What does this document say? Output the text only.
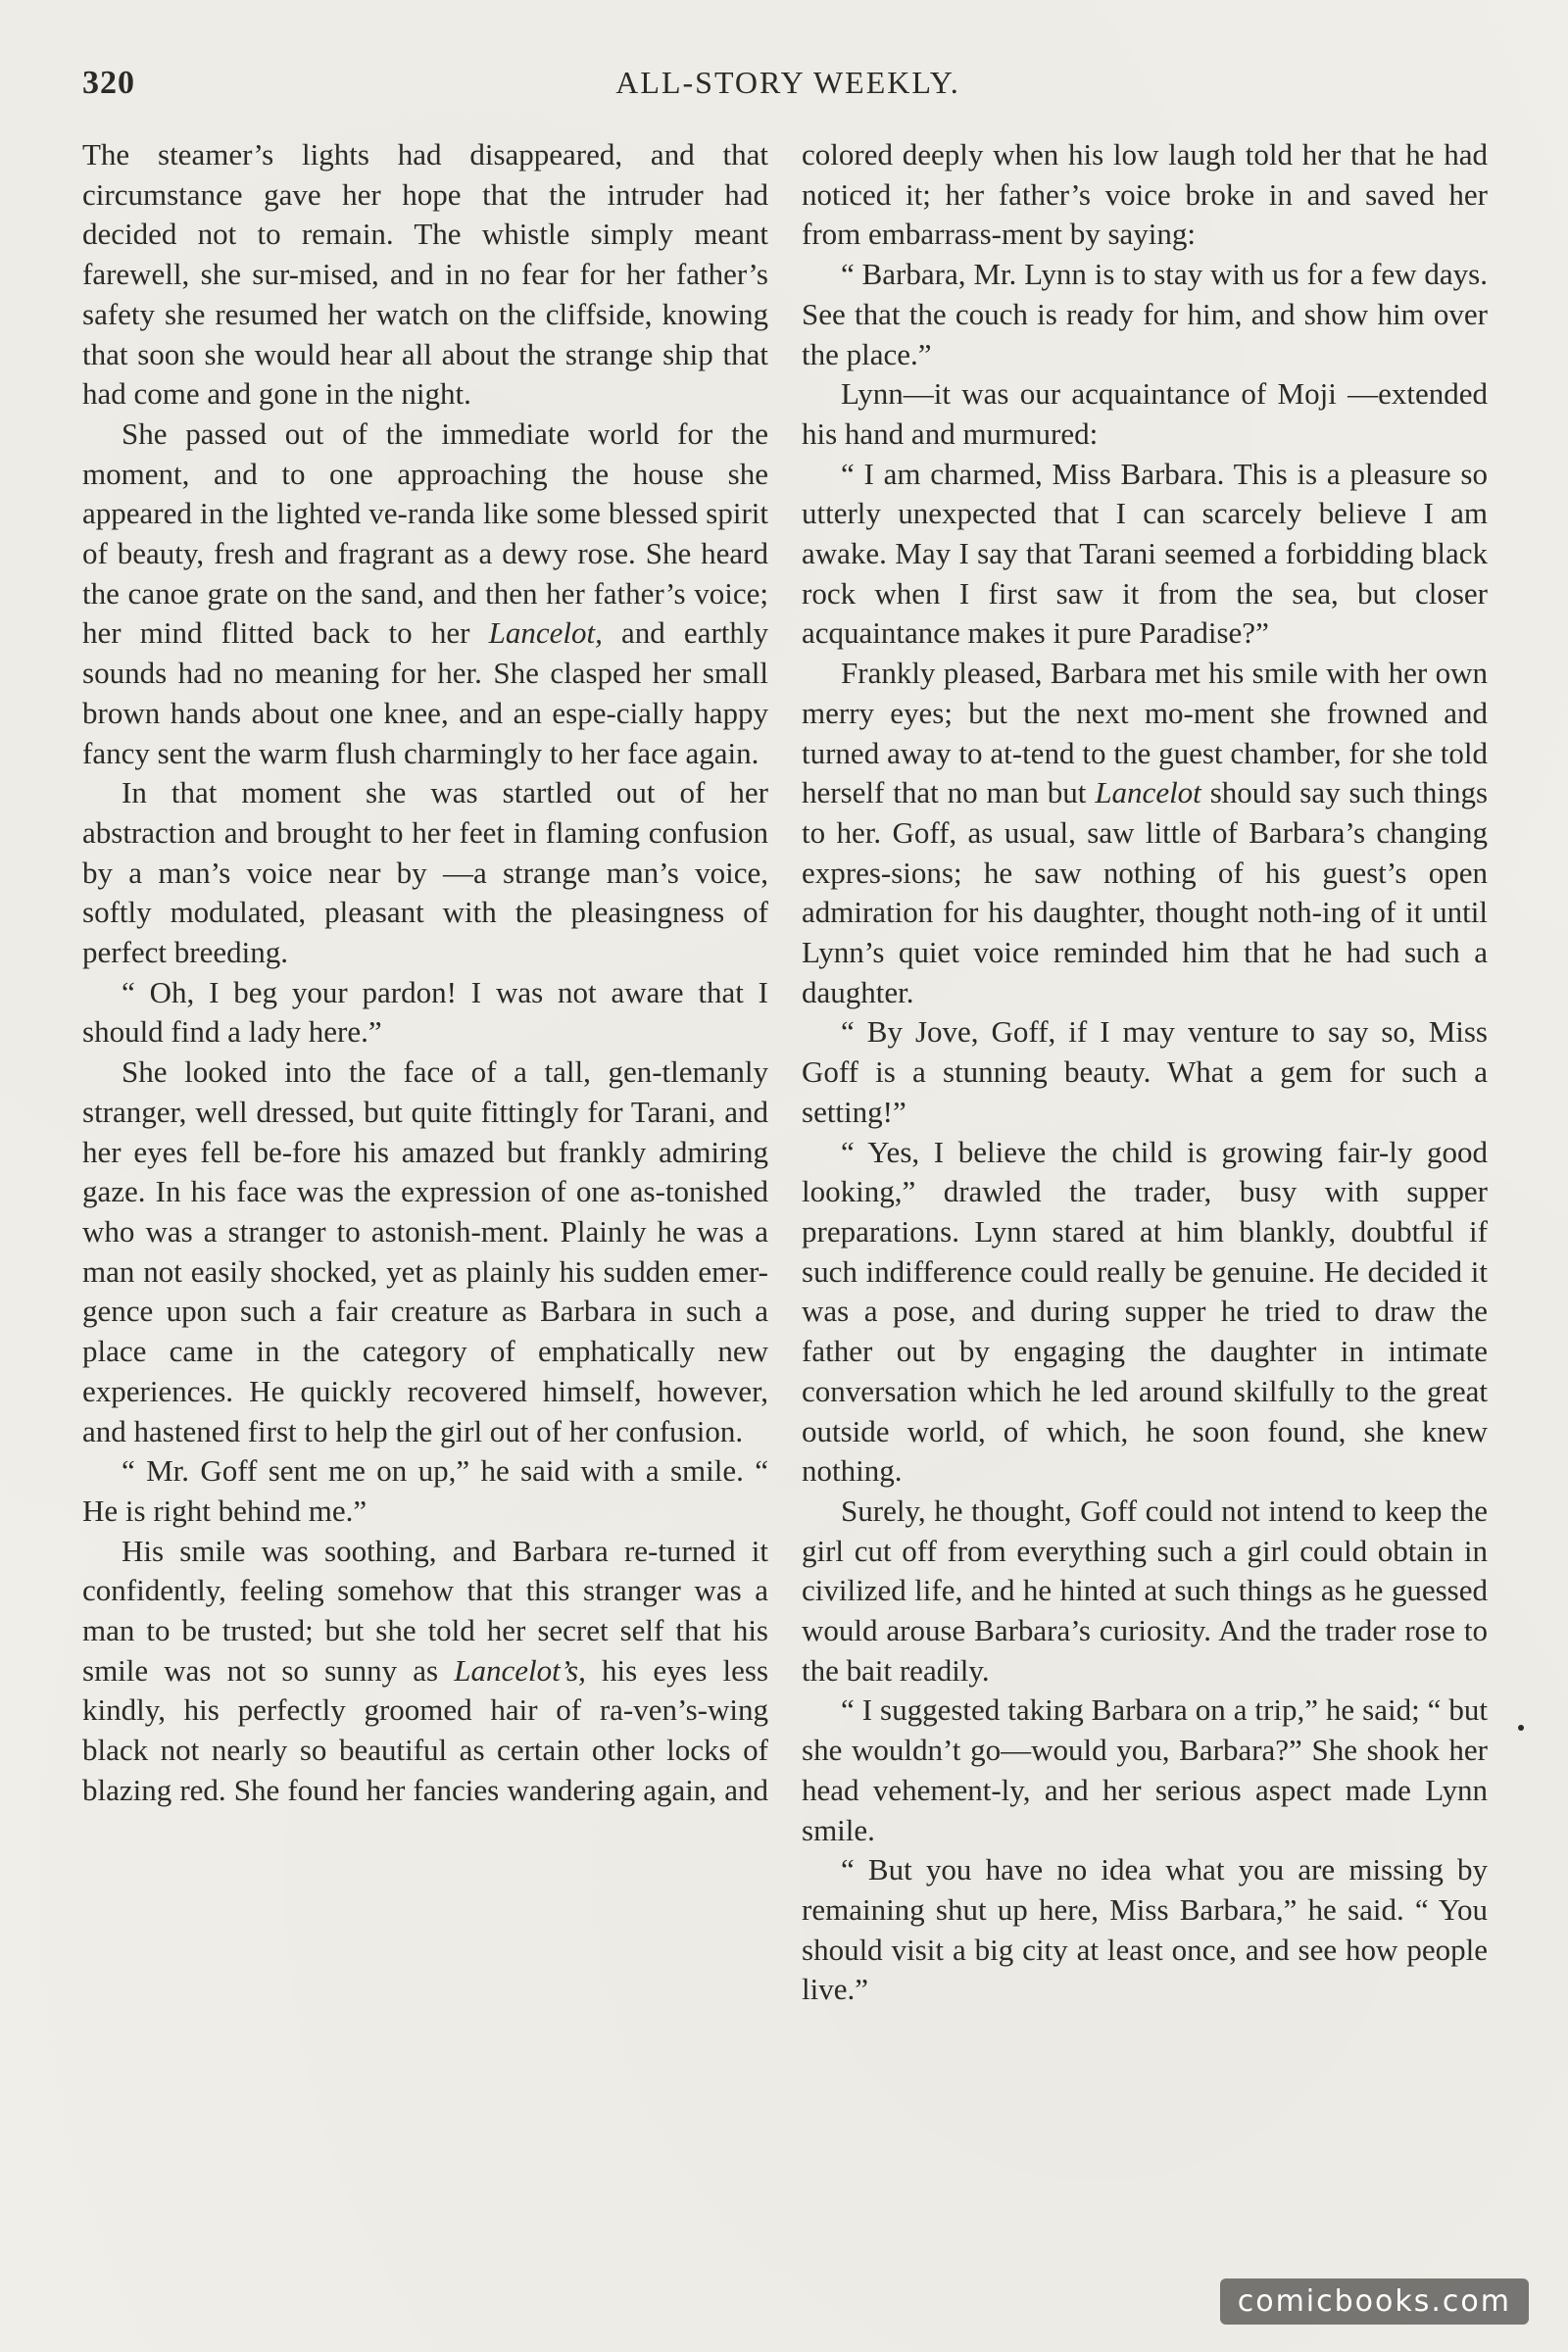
320	ALL-STORY WEEKLY.

The steamer’s lights had disappeared, and that circumstance gave her hope that the intruder had decided not to remain. The whistle simply meant farewell, she sur-mised, and in no fear for her father’s safety she resumed her watch on the cliffside, knowing that soon she would hear all about the strange ship that had come and gone in the night.

She passed out of the immediate world for the moment, and to one approaching the house she appeared in the lighted ve-randa like some blessed spirit of beauty, fresh and fragrant as a dewy rose. She heard the canoe grate on the sand, and then her father’s voice; her mind flitted back to her Lancelot, and earthly sounds had no meaning for her. She clasped her small brown hands about one knee, and an espe-cially happy fancy sent the warm flush charmingly to her face again.

In that moment she was startled out of her abstraction and brought to her feet in flaming confusion by a man’s voice near by —a strange man’s voice, softly modulated, pleasant with the pleasingness of perfect breeding.

“ Oh, I beg your pardon! I was not aware that I should find a lady here.”

She looked into the face of a tall, gen-tlemanly stranger, well dressed, but quite fittingly for Tarani, and her eyes fell be-fore his amazed but frankly admiring gaze. In his face was the expression of one as-tonished who was a stranger to astonish-ment. Plainly he was a man not easily shocked, yet as plainly his sudden emer-gence upon such a fair creature as Barbara in such a place came in the category of emphatically new experiences. He quickly recovered himself, however, and hastened first to help the girl out of her confusion.

“ Mr. Goff sent me on up,” he said with a smile. “ He is right behind me.”

His smile was soothing, and Barbara re-turned it confidently, feeling somehow that this stranger was a man to be trusted; but she told her secret self that his smile was not so sunny as Lancelot’s, his eyes less kindly, his perfectly groomed hair of ra-ven’s-wing black not nearly so beautiful as certain other locks of blazing red. She found her fancies wandering again, and

colored deeply when his low laugh told her that he had noticed it; her father’s voice broke in and saved her from embarrass-ment by saying:

“ Barbara, Mr. Lynn is to stay with us for a few days. See that the couch is ready for him, and show him over the place.”

Lynn—it was our acquaintance of Moji —extended his hand and murmured:

“ I am charmed, Miss Barbara. This is a pleasure so utterly unexpected that I can scarcely believe I am awake. May I say that Tarani seemed a forbidding black rock when I first saw it from the sea, but closer acquaintance makes it pure Paradise?”

Frankly pleased, Barbara met his smile with her own merry eyes; but the next mo-ment she frowned and turned away to at-tend to the guest chamber, for she told herself that no man but Lancelot should say such things to her. Goff, as usual, saw little of Barbara’s changing expres-sions; he saw nothing of his guest’s open admiration for his daughter, thought noth-ing of it until Lynn’s quiet voice reminded him that he had such a daughter.

“ By Jove, Goff, if I may venture to say so, Miss Goff is a stunning beauty. What a gem for such a setting!”

“ Yes, I believe the child is growing fair-ly good looking,” drawled the trader, busy with supper preparations. Lynn stared at him blankly, doubtful if such indifference could really be genuine. He decided it was a pose, and during supper he tried to draw the father out by engaging the daughter in intimate conversation which he led around skilfully to the great outside world, of which, he soon found, she knew nothing.

Surely, he thought, Goff could not intend to keep the girl cut off from everything such a girl could obtain in civilized life, and he hinted at such things as he guessed would arouse Barbara’s curiosity. And the trader rose to the bait readily.

“ I suggested taking Barbara on a trip,” he said; “ but she wouldn’t go—would you, Barbara?” She shook her head vehement-ly, and her serious aspect made Lynn smile.

“ But you have no idea what you are missing by remaining shut up here, Miss Barbara,” he said. “ You should visit a big city at least once, and see how people live.”

comicbooks.com
